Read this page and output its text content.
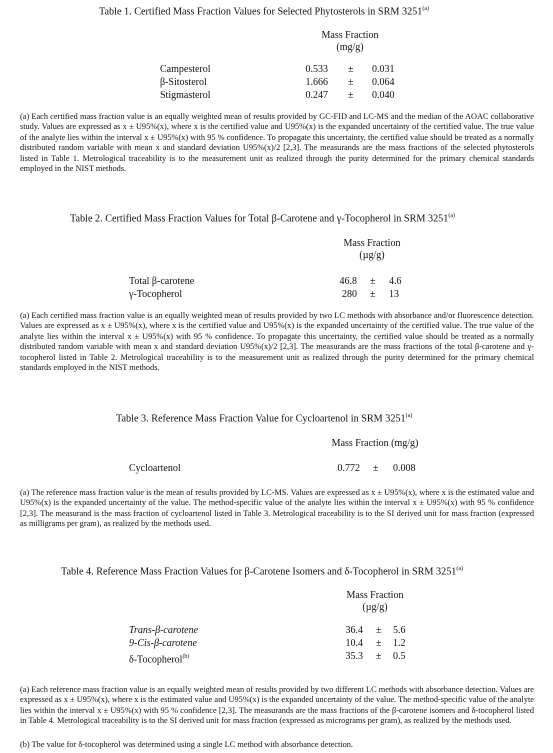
Table 1. Certified Mass Fraction Values for Selected Phytosterols in SRM 3251$^{(a)}$
Mass Fraction
(mg/g)
Campesterol	0.533 ± 0.031
β-Sitosterol	1.666 ± 0.064
Stigmasterol	0.247 ± 0.040
(a) Each certified mass fraction value is an equally weighted mean of results provided by GC-FID and LC-MS and the median of the AOAC collaborative study. Values are expressed as x ± U95%(x), where x is the certified value and U95%(x) is the expanded uncertainty of the certified value. The true value of the analyte lies within the interval x ± U95%(x) with 95 % confidence. To propagate this uncertainty, the certified value should be treated as a normally distributed random variable with mean x and standard deviation U95%(x)/2 [2,3]. The measurands are the mass fractions of the selected phytosterols listed in Table 1. Metrological traceability is to the measurement unit as realized through the purity determined for the primary chemical standards employed in the NIST methods.
Table 2. Certified Mass Fraction Values for Total β-Carotene and γ-Tocopherol in SRM 3251$^{(a)}$
Mass Fraction
(µg/g)
Total β-carotene	46.8 ± 4.6
γ-Tocopherol	280 ± 13
(a) Each certified mass fraction value is an equally weighted mean of results provided by two LC methods with absorbance and/or fluorescence detection. Values are expressed as x ± U95%(x), where x is the certified value and U95%(x) is the expanded uncertainty of the certified value. The true value of the analyte lies within the interval x ± U95%(x) with 95 % confidence. To propagate this uncertainty, the certified value should be treated as a normally distributed random variable with mean x and standard deviation U95%(x)/2 [2,3]. The measurands are the mass fractions of the total β-carotene and γ-tocopherol listed in Table 2. Metrological traceability is to the measurement unit as realized through the purity determined for the primary chemical standards employed in the NIST methods.
Table 3. Reference Mass Fraction Value for Cycloartenol in SRM 3251$^{(a)}$
Mass Fraction (mg/g)
Cycloartenol	0.772 ± 0.008
(a) The reference mass fraction value is the mean of results provided by LC-MS. Values are expressed as x ± U95%(x), where x is the estimated value and U95%(x) is the expanded uncertainty of the value. The method-specific value of the analyte lies within the interval x ± U95%(x) with 95 % confidence [2,3]. The measurand is the mass fraction of cycloartenol listed in Table 3. Metrological traceability is to the SI derived unit for mass fraction (expressed as milligrams per gram), as realized by the methods used.
Table 4. Reference Mass Fraction Values for β-Carotene Isomers and δ-Tocopherol in SRM 3251$^{(a)}$
Mass Fraction
(µg/g)
Trans-β-carotene	36.4 ± 5.6
9-Cis-β-carotene	10.4 ± 1.2
δ-Tocopherol$^{(b)}$	35.3 ± 0.5
(a) Each reference mass fraction value is an equally weighted mean of results provided by two different LC methods with absorbance detection. Values are expressed as x ± U95%(x), where x is the estimated value and U95%(x) is the expanded uncertainty of the value. The method-specific value of the analyte lies within the interval x ± U95%(x) with 95 % confidence [2,3]. The measurands are the mass fractions of the β-carotene isomers and δ-tocopherol listed in Table 4. Metrological traceability is to the SI derived unit for mass fraction (expressed as micrograms per gram), as realized by the methods used.
(b) The value for δ-tocopherol was determined using a single LC method with absorbance detection.
